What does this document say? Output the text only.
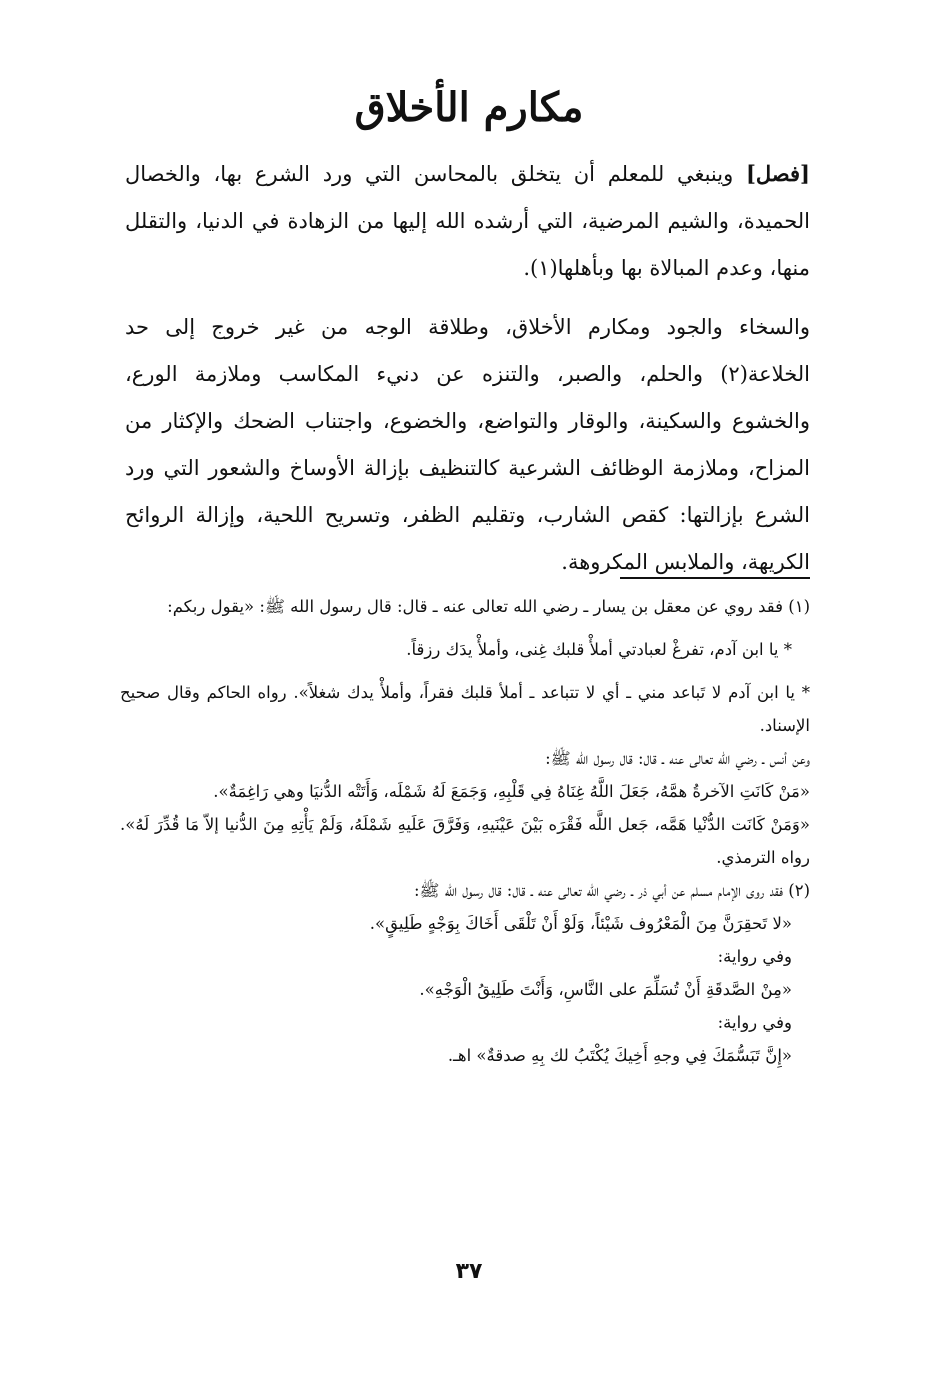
مكارم الأخلاق

[فصل] وينبغي للمعلم أن يتخلق بالمحاسن التي ورد الشرع بها، والخصال الحميدة، والشيم المرضية، التي أرشده الله إليها من الزهادة في الدنيا، والتقلل منها، وعدم المبالاة بها وبأهلها(١).

والسخاء والجود ومكارم الأخلاق، وطلاقة الوجه من غير خروج إلى حد الخلاعة(٢) والحلم، والصبر، والتنزه عن دنيء المكاسب وملازمة الورع، والخشوع والسكينة، والوقار والتواضع، والخضوع، واجتناب الضحك والإكثار من المزاح، وملازمة الوظائف الشرعية كالتنظيف بإزالة الأوساخ والشعور التي ورد الشرع بإزالتها: كقص الشارب، وتقليم الظفر، وتسريح اللحية، وإزالة الروائح الكريهة، والملابس المكروهة.

(١) فقد روي عن معقل بن يسار ـ رضي الله تعالى عنه ـ قال: قال رسول الله ﷺ: «يقول ربكم:

* يا ابن آدم، تفرغْ لعبادتي أملأْ قلبك غِنى، وأملأْ يدَك رزقاً.

* يا ابن آدم لا تَباعد مني ـ أي لا تتباعد ـ أملأ قلبك فقراً، وأملأْ يدك شغلاً». رواه الحاكم وقال صحيح الإسناد.

وعن أنس ـ رضي الله تعالى عنه ـ قال: قال رسول الله ﷺ:

«مَنْ كَانَتِ الآخرةُ همَّهُ، جَعَلَ اللَّهُ غِنَاهُ فِي قَلْبِهِ، وَجَمَعَ لَهُ شَمْلَه، وَأَتَتْه الدُّنيَا وهي رَاغِمَةٌ».

«وَمَنْ كَانَت الدُّنْيا هَمَّه، جَعل اللَّه فَقْرَه بَيْنَ عَيْنَيهِ، وَفَرَّقَ عَلَيهِ شَمْلَهُ، وَلَمْ يَأْتِهِ مِنَ الدُّنيا إلاّ مَا قُدِّرَ لَهُ». رواه الترمذي.

(٢) فقد روى الإمام مسلم عن أبي ذر ـ رضي الله تعالى عنه ـ قال: قال رسول الله ﷺ:

«لا تَحقِرَنَّ مِنَ الْمَعْرُوف شَيْئاً، وَلَوْ أَنْ تَلْقَى أَخَاكَ بِوَجْهٍ طَلِيقٍ».

وفي رواية:

«مِنْ الصَّدقَةِ أَنْ تُسَلِّمَ على النَّاسِ، وَأَنْتَ طَلِيقُ الْوَجْهِ».

وفي رواية:

«إِنَّ تَبَسُّمَكَ فِي وجهِ أَخِيكَ يُكْتَبُ لك بِهِ صدقةٌ» اهـ.

٣٧
